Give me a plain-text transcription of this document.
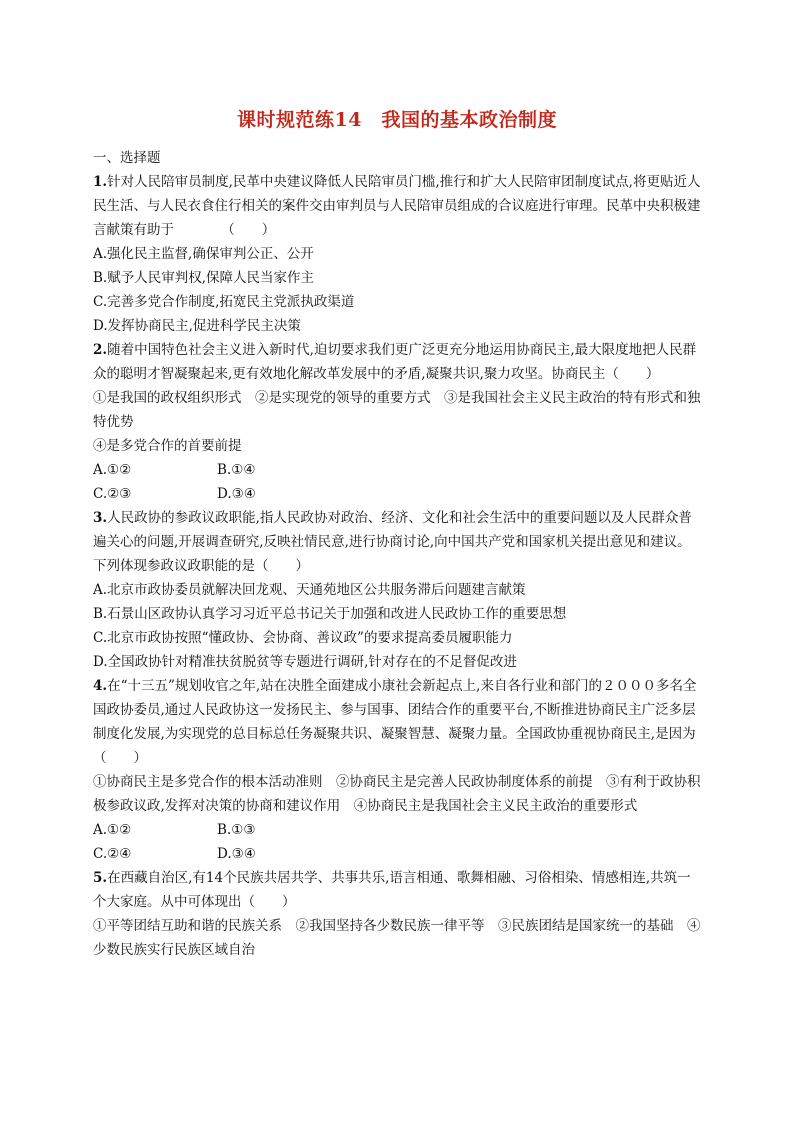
课时规范练14　我国的基本政治制度

一、选择题

1.针对人民陪审员制度,民革中央建议降低人民陪审员门槛,推行和扩大人民陪审团制度试点,将更贴近人民生活、与人民衣食住行相关的案件交由审判员与人民陪审员组成的合议庭进行审理。民革中央积极建言献策有助于　　　　（　　）

A.强化民主监督,确保审判公正、公开

B.赋予人民审判权,保障人民当家作主

C.完善多党合作制度,拓宽民主党派执政渠道

D.发挥协商民主,促进科学民主决策

2.随着中国特色社会主义进入新时代,迫切要求我们更广泛更充分地运用协商民主,最大限度地把人民群众的聪明才智凝聚起来,更有效地化解改革发展中的矛盾,凝聚共识,聚力攻坚。协商民主（　　）

①是我国的政权组织形式　②是实现党的领导的重要方式　③是我国社会主义民主政治的特有形式和独特优势

④是多党合作的首要前提

A.①②	B.①④
C.②③	D.③④

3.人民政协的参政议政职能,指人民政协对政治、经济、文化和社会生活中的重要问题以及人民群众普遍关心的问题,开展调查研究,反映社情民意,进行协商讨论,向中国共产党和国家机关提出意见和建议。下列体现参政议政职能的是（　　）

A.北京市政协委员就解决回龙观、天通苑地区公共服务滞后问题建言献策

B.石景山区政协认真学习习近平总书记关于加强和改进人民政协工作的重要思想

C.北京市政协按照“懂政协、会协商、善议政”的要求提高委员履职能力

D.全国政协针对精准扶贫脱贫等专题进行调研,针对存在的不足督促改进

4.在“十三五”规划收官之年,站在决胜全面建成小康社会新起点上,来自各行业和部门的２０００多名全国政协委员,通过人民政协这一发扬民主、参与国事、团结合作的重要平台,不断推进协商民主广泛多层制度化发展,为实现党的总目标总任务凝聚共识、凝聚智慧、凝聚力量。全国政协重视协商民主,是因为（　　）

①协商民主是多党合作的根本活动准则　②协商民主是完善人民政协制度体系的前提　③有利于政协积极参政议政,发挥对决策的协商和建议作用　④协商民主是我国社会主义民主政治的重要形式

A.①②	B.①③
C.②④	D.③④

5.在西藏自治区,有14个民族共居共学、共事共乐,语言相通、歌舞相融、习俗相染、情感相连,共筑一个大家庭。从中可体现出（　　）

①平等团结互助和谐的民族关系　②我国坚持各少数民族一律平等　③民族团结是国家统一的基础　④少数民族实行民族区域自治
